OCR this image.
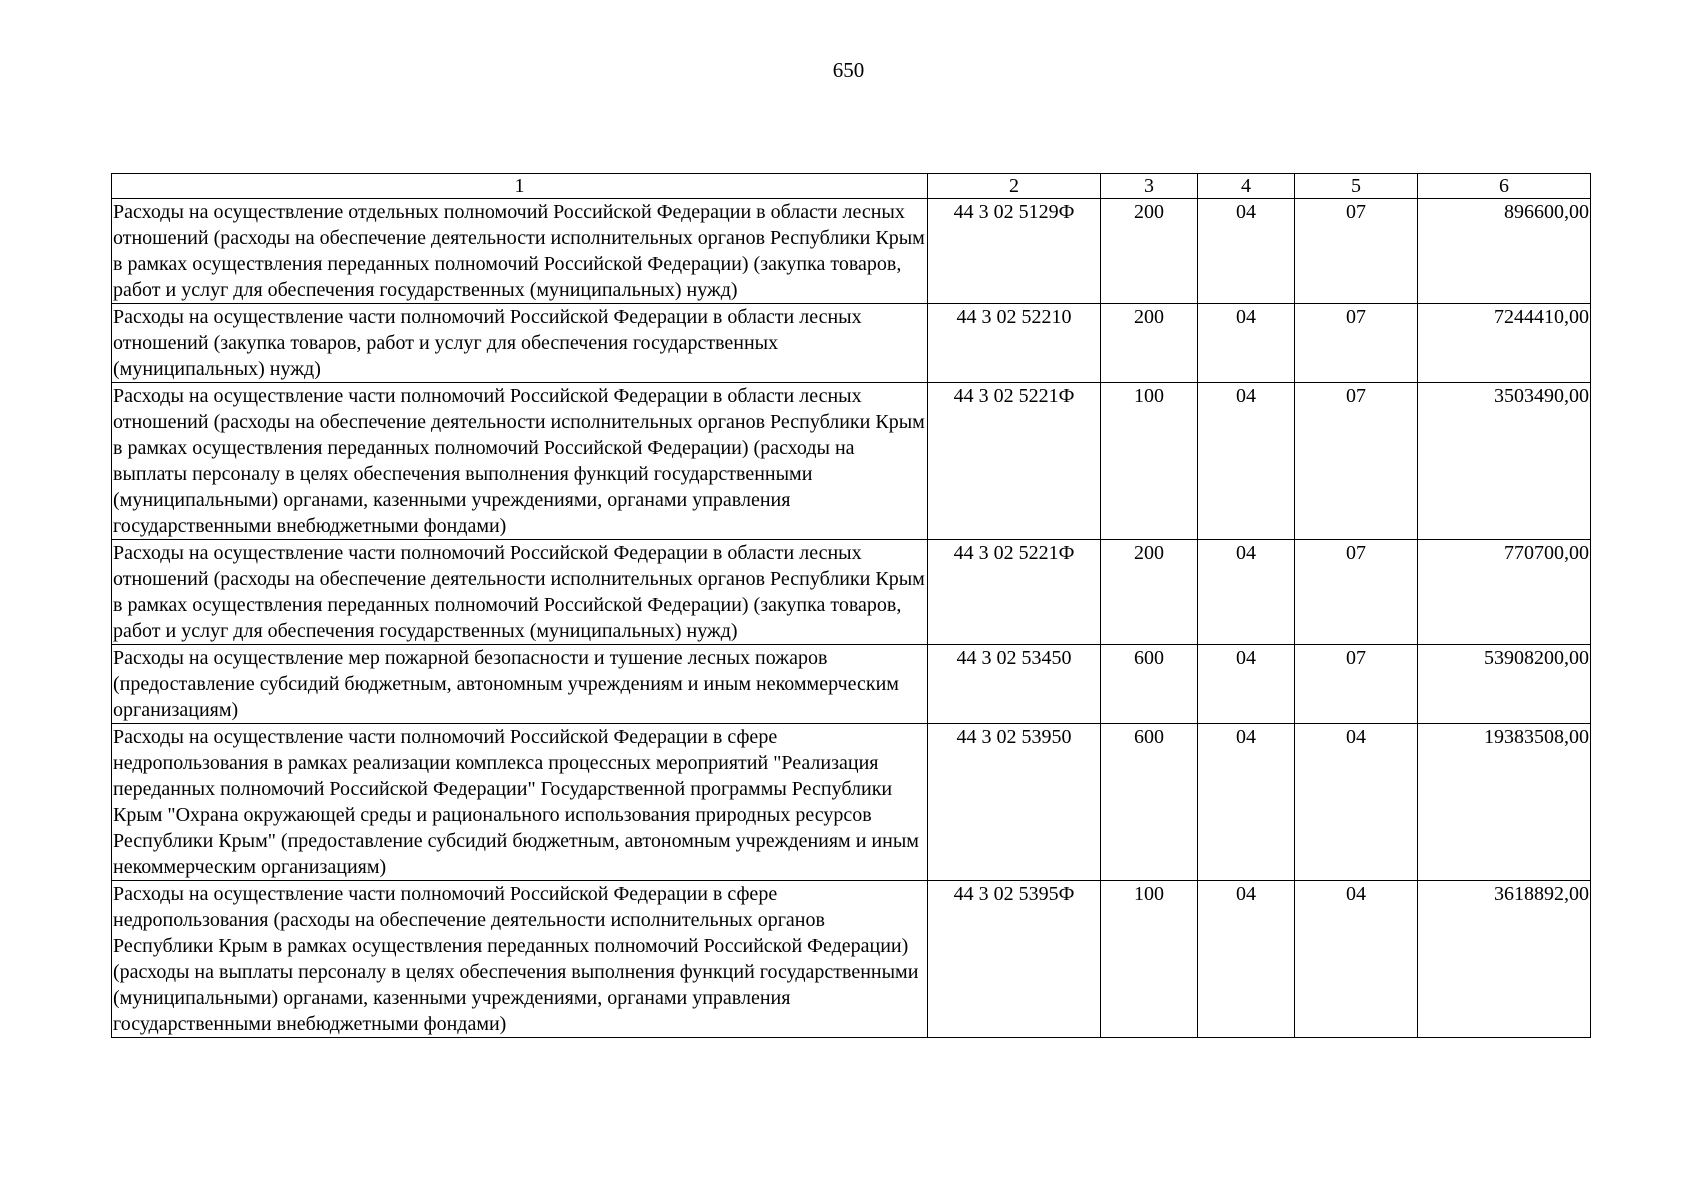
650
1	2	3	4	5	6
Расходы на осуществление отдельных полномочий Российской Федерации в области лесных отношений (расходы на обеспечение деятельности исполнительных органов Республики Крым в рамках осуществления переданных полномочий Российской Федерации) (закупка товаров, работ и услуг для обеспечения государственных (муниципальных) нужд)	44 3 02 5129Ф	200	04	07	896600,00
Расходы на осуществление части полномочий Российской Федерации в области лесных отношений (закупка товаров, работ и услуг для обеспечения государственных (муниципальных) нужд)	44 3 02 52210	200	04	07	7244410,00
Расходы на осуществление части полномочий Российской Федерации в области лесных отношений (расходы на обеспечение деятельности исполнительных органов Республики Крым в рамках осуществления переданных полномочий Российской Федерации) (расходы на выплаты персоналу в целях обеспечения выполнения функций государственными (муниципальными) органами, казенными учреждениями, органами управления государственными внебюджетными фондами)	44 3 02 5221Ф	100	04	07	3503490,00
Расходы на осуществление части полномочий Российской Федерации в области лесных отношений (расходы на обеспечение деятельности исполнительных органов Республики Крым в рамках осуществления переданных полномочий Российской Федерации) (закупка товаров, работ и услуг для обеспечения государственных (муниципальных) нужд)	44 3 02 5221Ф	200	04	07	770700,00
Расходы на осуществление мер пожарной безопасности и тушение лесных пожаров (предоставление субсидий бюджетным, автономным учреждениям и иным некоммерческим организациям)	44 3 02 53450	600	04	07	53908200,00
Расходы на осуществление части полномочий Российской Федерации в сфере недропользования в рамках реализации комплекса процессных мероприятий "Реализация переданных полномочий Российской Федерации" Государственной программы Республики Крым "Охрана окружающей среды и рационального использования природных ресурсов Республики Крым" (предоставление субсидий бюджетным, автономным учреждениям и иным некоммерческим организациям)	44 3 02 53950	600	04	04	19383508,00
Расходы на осуществление части полномочий Российской Федерации в сфере недропользования (расходы на обеспечение деятельности исполнительных органов Республики Крым в рамках осуществления переданных полномочий Российской Федерации) (расходы на выплаты персоналу в целях обеспечения выполнения функций государственными (муниципальными) органами, казенными учреждениями, органами управления государственными внебюджетными фондами)	44 3 02 5395Ф	100	04	04	3618892,00
